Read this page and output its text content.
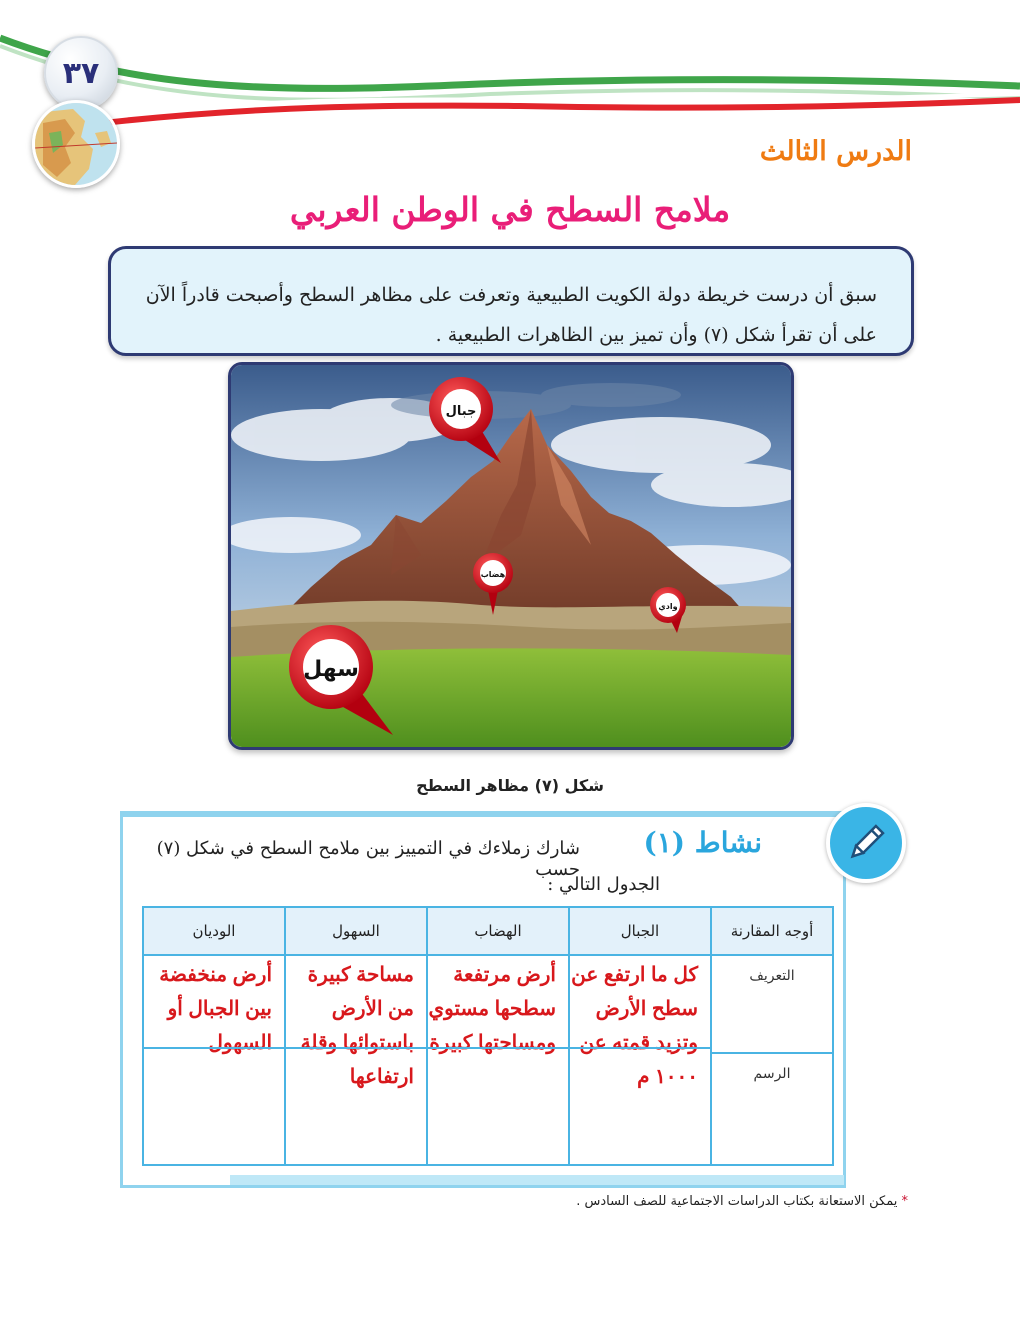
٣٧
الدرس الثالث
ملامح السطح في الوطن العربي
سبق أن درست خريطة دولة الكويت الطبيعية وتعرفت على مظاهر السطح وأصبحت قادراً الآن
على أن تقرأ شكل (٧) وأن تميز بين الظاهرات الطبيعية .
جبال
هضاب
وادي
سهل
شكل (٧) مظاهر السطح
نشاط (١)
شارك زملاءك في التمييز بين ملامح السطح في شكل (٧) حسب
الجدول التالي :
أوجه المقارنة	الجبال	الهضاب	السهول	الوديان
التعريف	كل ما ارتفع عن سطح الأرض وتزيد قمته عن ١٠٠٠ م	أرض مرتفعة سطحها مستوي ومساحتها كبيرة	مساحة كبيرة من الأرض باستوائها وقلة ارتفاعها	أرض منخفضة بين الجبال أو السهول

الرسم				
* يمكن الاستعانة بكتاب الدراسات الاجتماعية للصف السادس .
